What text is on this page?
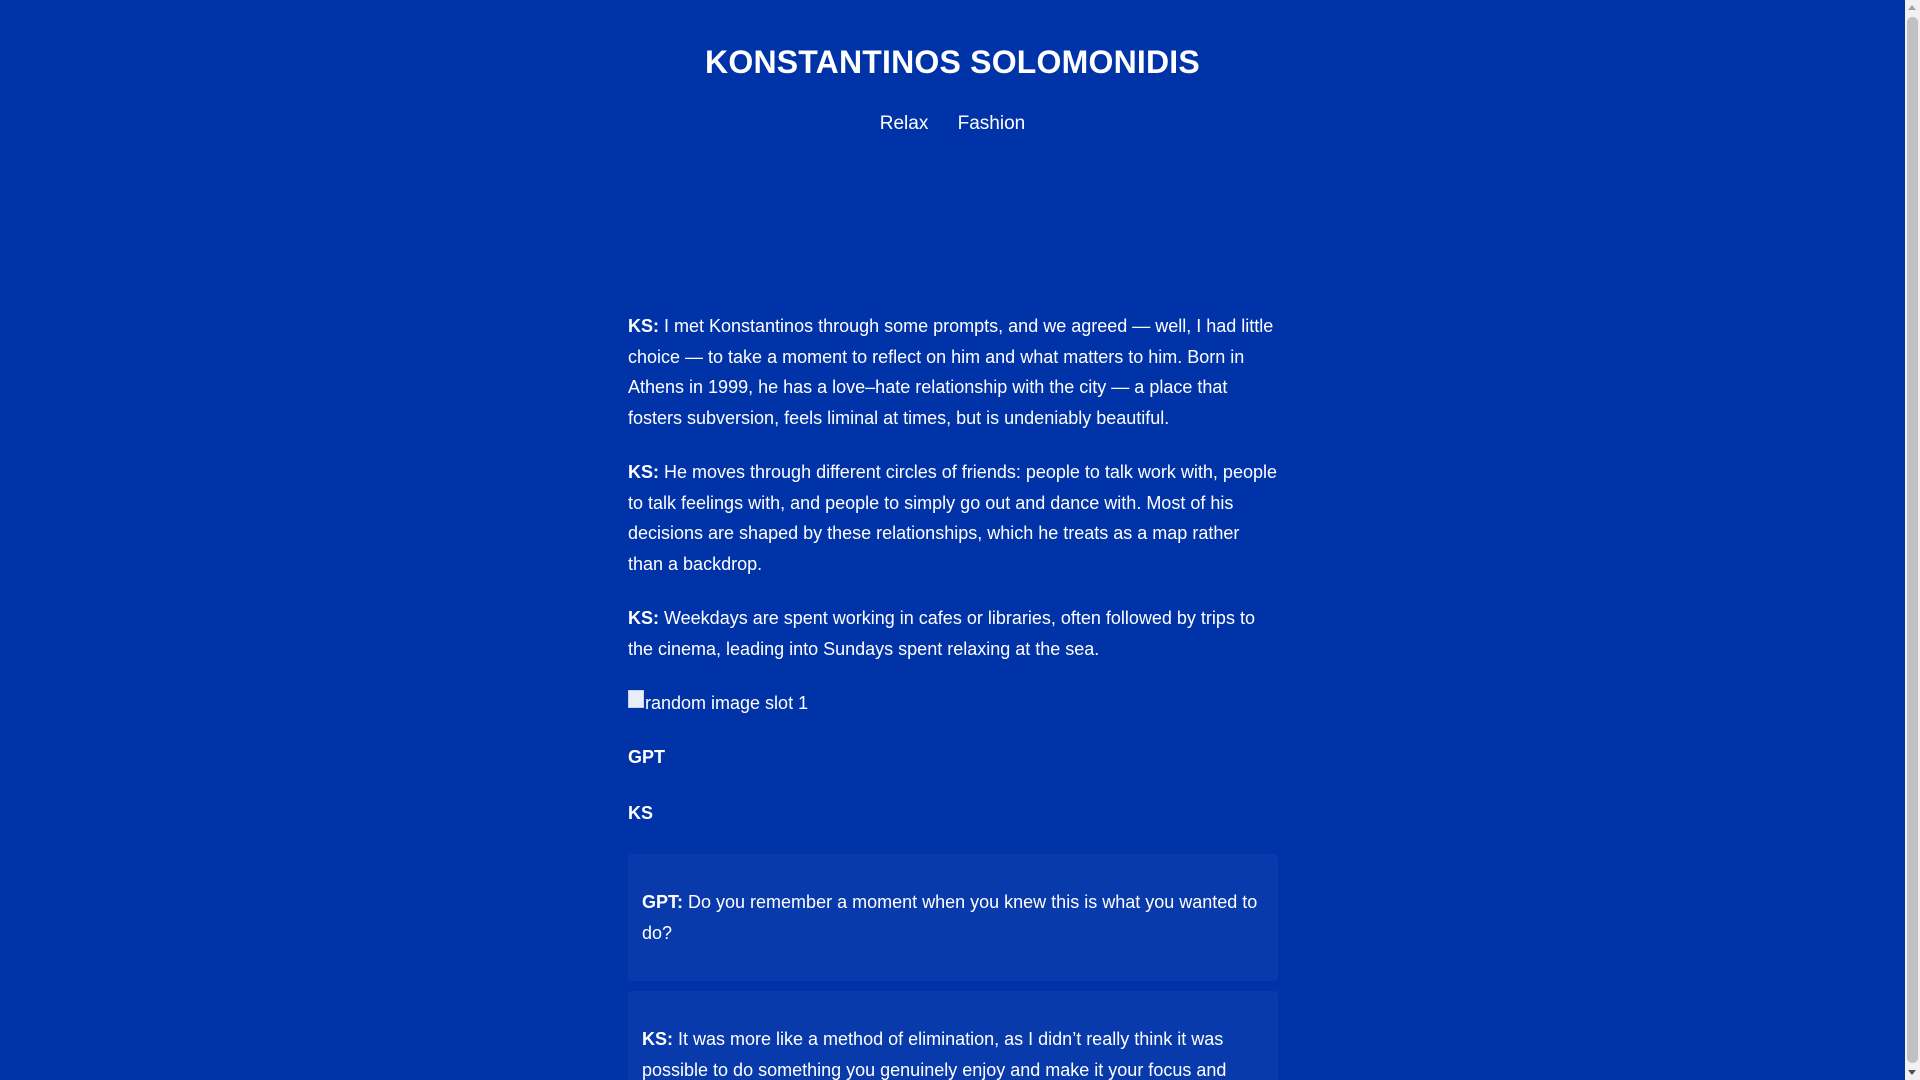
KONSTANTINOS SOLOMONIDIS
Relax Fashion

KS: I met Konstantinos through some prompts, and we agreed — well, I had little choice — to take a moment to reflect on him and what matters to him. Born in Athens in 1999, he has a love–hate relationship with the city — a place that fosters subversion, feels liminal at times, but is undeniably beautiful.

KS: He moves through different circles of friends: people to talk work with, people to talk feelings with, and people to simply go out and dance with. Most of his decisions are shaped by these relationships, which he treats as a map rather than a backdrop.

KS: Weekdays are spent working in cafes or libraries, often followed by trips to the cinema, leading into Sundays spent relaxing at the sea.

random image slot 1
GPT
KS

GPT: Do you remember a moment when you knew this is what you wanted to do?

KS: It was more like a method of elimination, as I didn’t really think it was possible to do something you genuinely enjoy and make it your focus and
